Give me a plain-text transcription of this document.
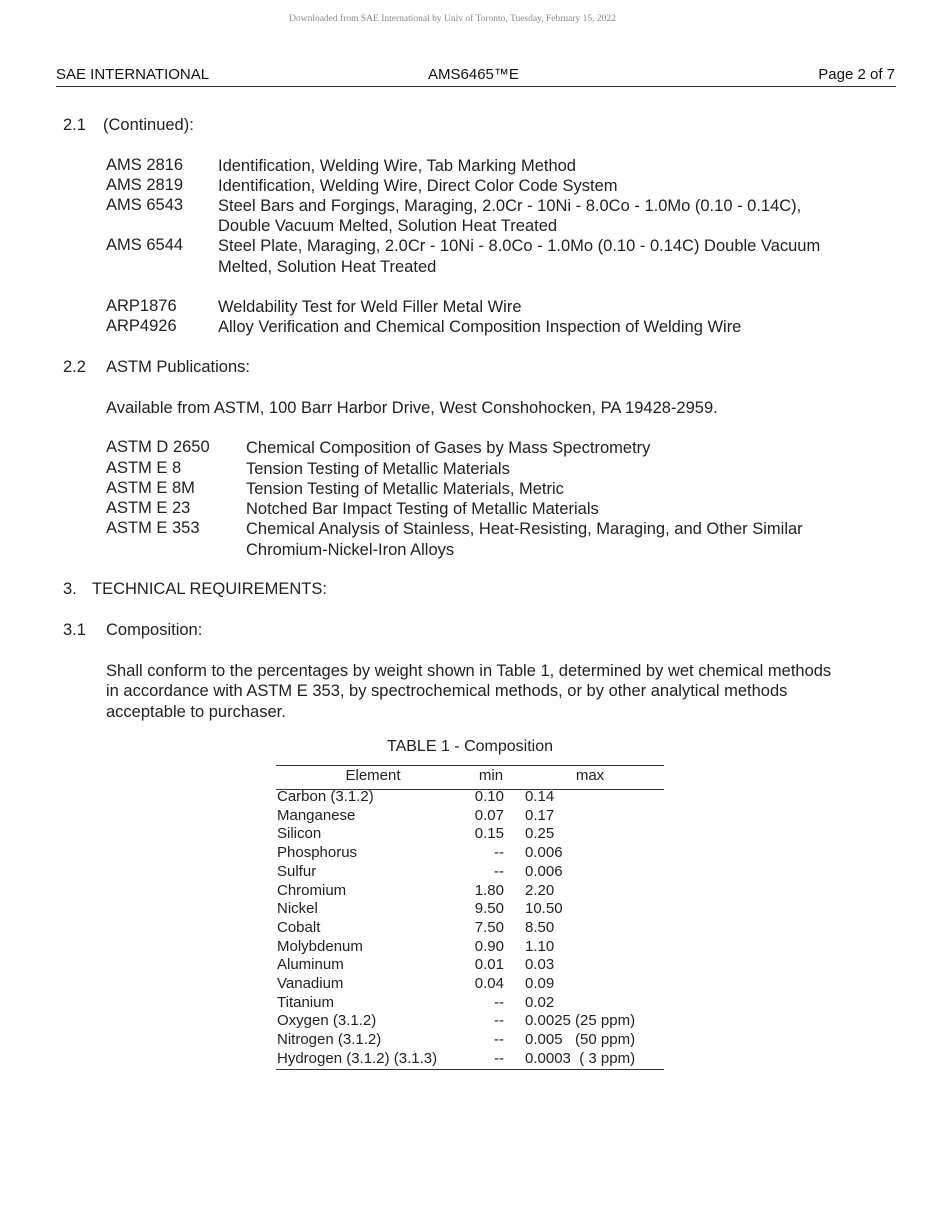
Downloaded from SAE International by Univ of Toronto, Tuesday, February 15, 2022
SAE INTERNATIONAL	AMS6465™E	Page 2 of 7
2.1 (Continued):
AMS 2816 Identification, Welding Wire, Tab Marking Method
AMS 2819 Identification, Welding Wire, Direct Color Code System
AMS 6543 Steel Bars and Forgings, Maraging, 2.0Cr - 10Ni - 8.0Co - 1.0Mo (0.10 - 0.14C),
Double Vacuum Melted, Solution Heat Treated
AMS 6544 Steel Plate, Maraging, 2.0Cr - 10Ni - 8.0Co - 1.0Mo (0.10 - 0.14C) Double Vacuum
Melted, Solution Heat Treated
ARP1876	Weldability Test for Weld Filler Metal Wire
ARP4926	Alloy Verification and Chemical Composition Inspection of Welding Wire
2.2 ASTM Publications:
Available from ASTM, 100 Barr Harbor Drive, West Conshohocken, PA 19428-2959.
ASTM D 2650 Chemical Composition of Gases by Mass Spectrometry
ASTM E 8	Tension Testing of Metallic Materials
ASTM E 8M	Tension Testing of Metallic Materials, Metric
ASTM E 23	Notched Bar Impact Testing of Metallic Materials
ASTM E 353	Chemical Analysis of Stainless, Heat-Resisting, Maraging, and Other Similar
Chromium-Nickel-Iron Alloys
3. TECHNICAL REQUIREMENTS:
3.1 Composition:
Shall conform to the percentages by weight shown in Table 1, determined by wet chemical methods
in accordance with ASTM E 353, by spectrochemical methods, or by other analytical methods
acceptable to purchaser.
TABLE 1 - Composition
Element	min	max
Carbon (3.1.2)	0.10 0.14
Manganese	0.07 0.17
Silicon	0.15 0.25
Phosphorus	-- 0.006
Sulfur	-- 0.006
Chromium	1.80 2.20
Nickel	9.50 10.50
Cobalt	7.50 8.50
Molybdenum	0.90 1.10
Aluminum	0.01 0.03
Vanadium	0.04 0.09
Titanium	-- 0.02
Oxygen (3.1.2)	-- 0.0025 (25 ppm)
Nitrogen (3.1.2)	-- 0.005   (50 ppm)
Hydrogen (3.1.2) (3.1.3)	-- 0.0003  ( 3 ppm)
